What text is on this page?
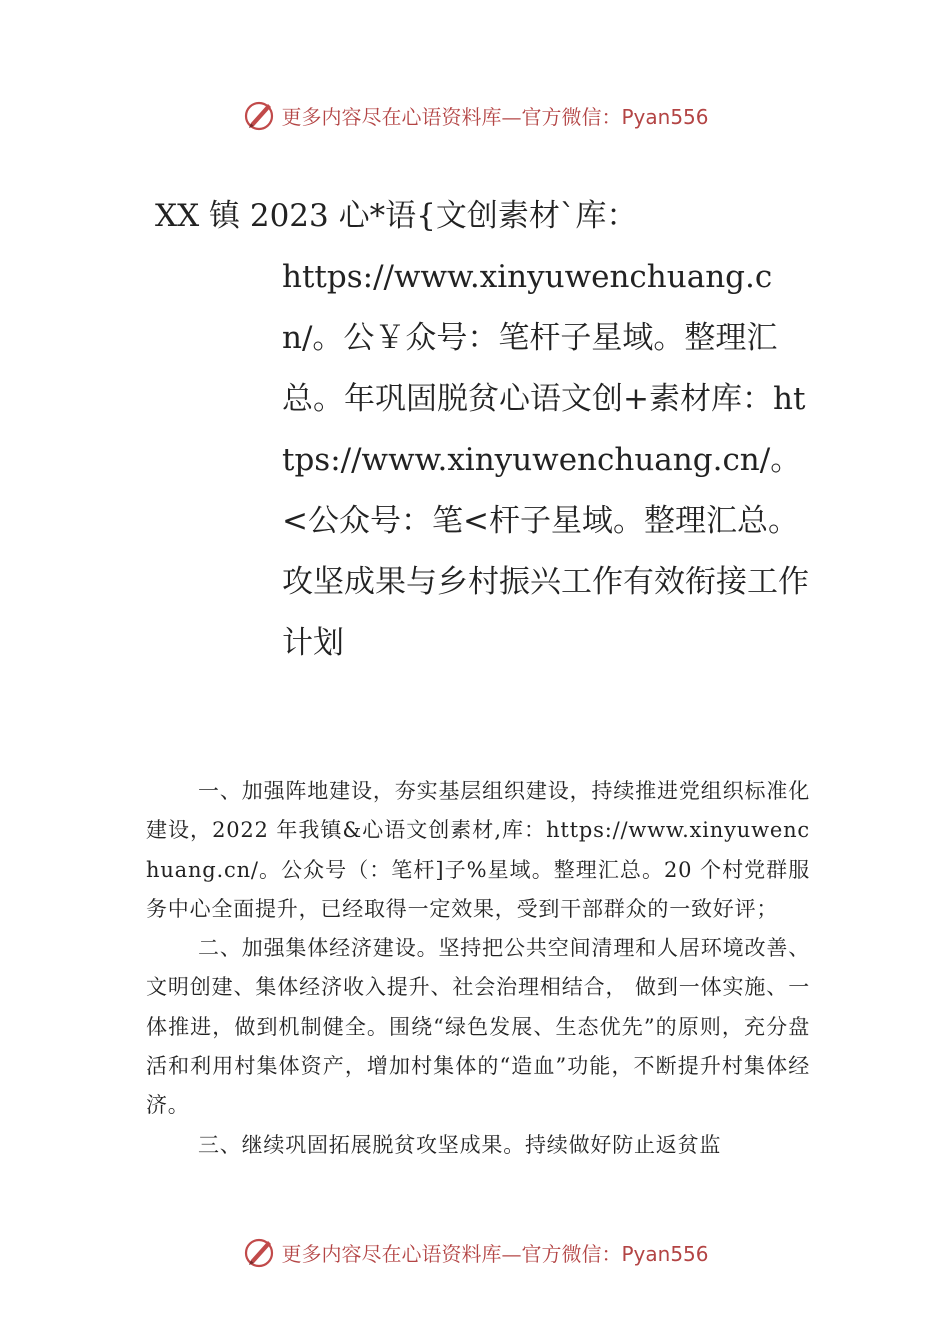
更多内容尽在心语资料库—官方微信：Pyan556
XX 镇 2023 心*语{文创素材`库：
https://www.xinyuwenchuang.cn/。公￥众号：笔杆子星域。整理汇总。年巩固脱贫心语文创+素材库：https://www.xinyuwenchuang.cn/。<公众号：笔<杆子星域。整理汇总。攻坚成果与乡村振兴工作有效衔接工作计划

一、加强阵地建设，夯实基层组织建设，持续推进党组织标准化建设，2022 年我镇&心语文创素材,库：https://www.xinyuwenchuang.cn/。公众号（：笔杆]子%星域。整理汇总。20 个村党群服务中心全面提升，已经取得一定效果，受到干部群众的一致好评；

二、加强集体经济建设。坚持把公共空间清理和人居环境改善、文明创建、集体经济收入提升、社会治理相结合， 做到一体实施、一体推进，做到机制健全。围绕“绿色发展、生态优先”的原则，充分盘活和利用村集体资产，增加村集体的“造血”功能，不断提升村集体经济。

三、继续巩固拓展脱贫攻坚成果。持续做好防止返贫监

更多内容尽在心语资料库—官方微信：Pyan556
